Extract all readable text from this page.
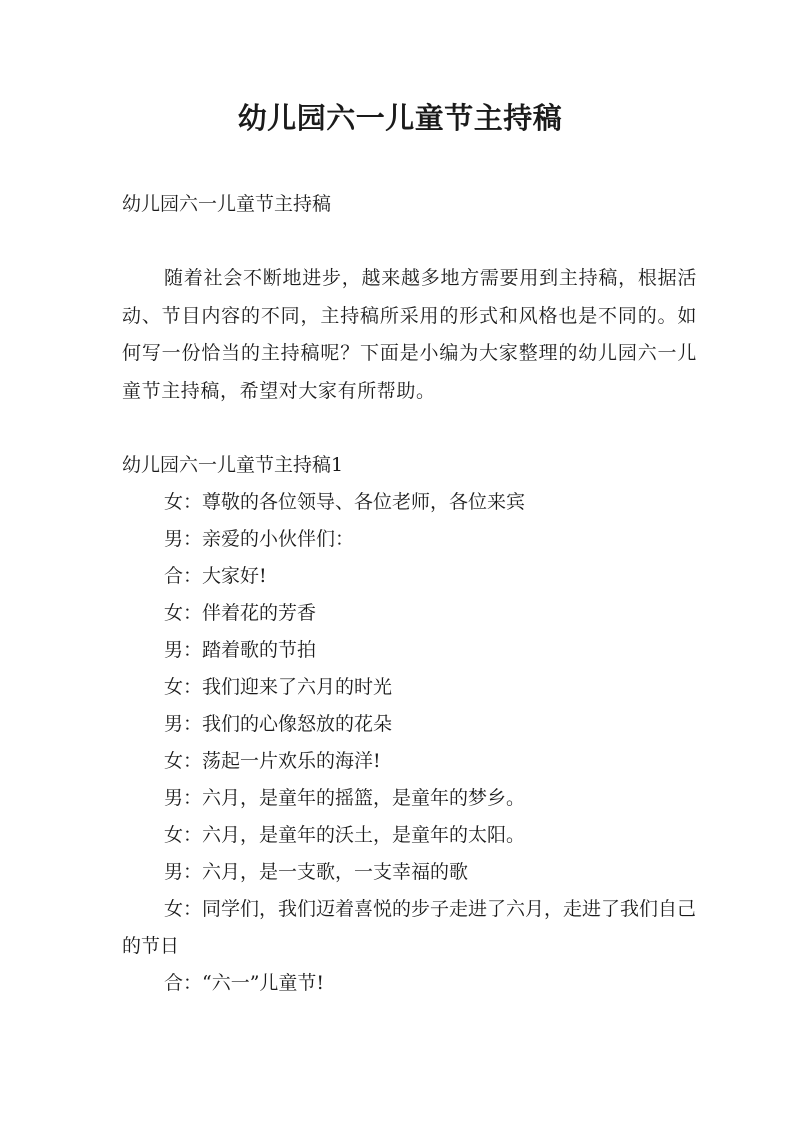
幼儿园六一儿童节主持稿

幼儿园六一儿童节主持稿

随着社会不断地进步，越来越多地方需要用到主持稿，根据活动、节目内容的不同，主持稿所采用的形式和风格也是不同的。如何写一份恰当的主持稿呢？下面是小编为大家整理的幼儿园六一儿童节主持稿，希望对大家有所帮助。

幼儿园六一儿童节主持稿1

女：尊敬的各位领导、各位老师，各位来宾

男：亲爱的小伙伴们：

合：大家好!

女：伴着花的芳香

男：踏着歌的节拍

女：我们迎来了六月的时光

男：我们的心像怒放的花朵

女：荡起一片欢乐的海洋!

男：六月，是童年的摇篮，是童年的梦乡。

女：六月，是童年的沃土，是童年的太阳。

男：六月，是一支歌，一支幸福的歌

女：同学们，我们迈着喜悦的步子走进了六月，走进了我们自己的节日

合：“六一”儿童节!
